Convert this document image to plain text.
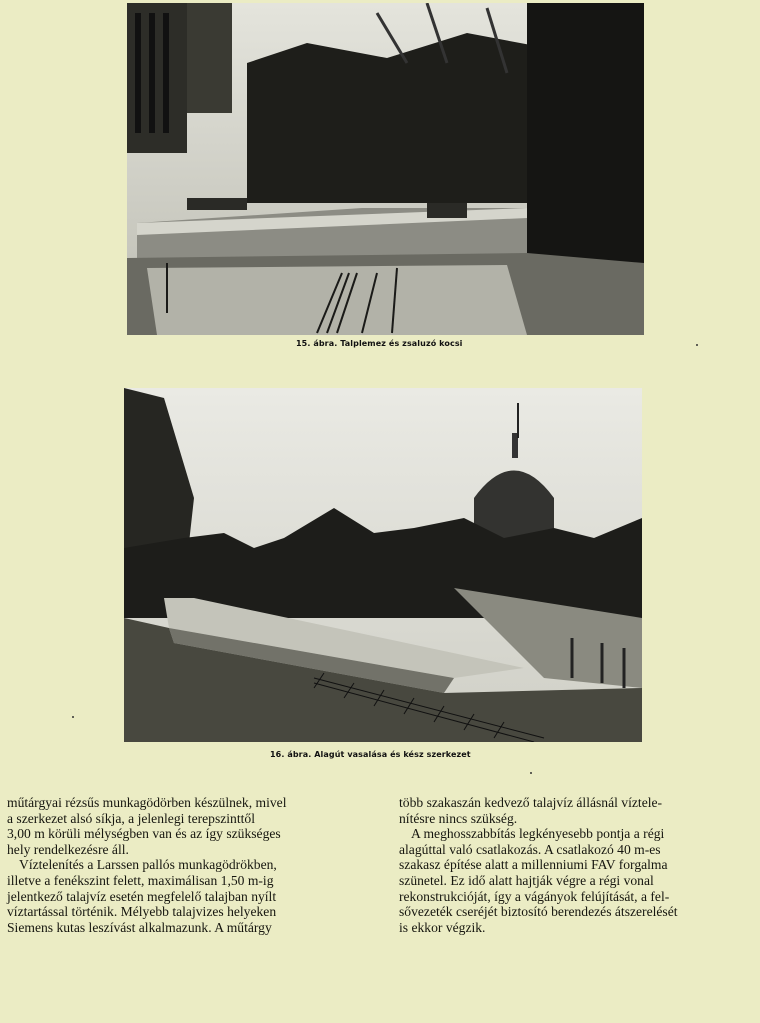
15. ábra. Talplemez és zsaluzó kocsi
16. ábra. Alagút vasalása és kész szerkezet

műtárgyai rézsűs munkagödörben készülnek, mivel
a szerkezet alsó síkja, a jelenlegi terepszinttől
3,00 m körüli mélységben van és az így szükséges
hely rendelkezésre áll.

Víztelenítés a Larssen pallós munkagödrökben,
illetve a fenékszint felett, maximálisan 1,50 m-ig
jelentkező talajvíz esetén megfelelő talajban nyílt
víztartással történik. Mélyebb talajvizes helyeken
Siemens kutas leszívást alkalmazunk. A műtárgy

több szakaszán kedvező talajvíz állásnál víztele-
nítésre nincs szükség.

A meghosszabbítás legkényesebb pontja a régi
alagúttal való csatlakozás. A csatlakozó 40 m-es
szakasz építése alatt a millenniumi FAV forgalma
szünetel. Ez idő alatt hajtják végre a régi vonal
rekonstrukcióját, így a vágányok felújítását, a fel-
sővezeték cseréjét biztosító berendezés átszerelését
is ekkor végzik.
